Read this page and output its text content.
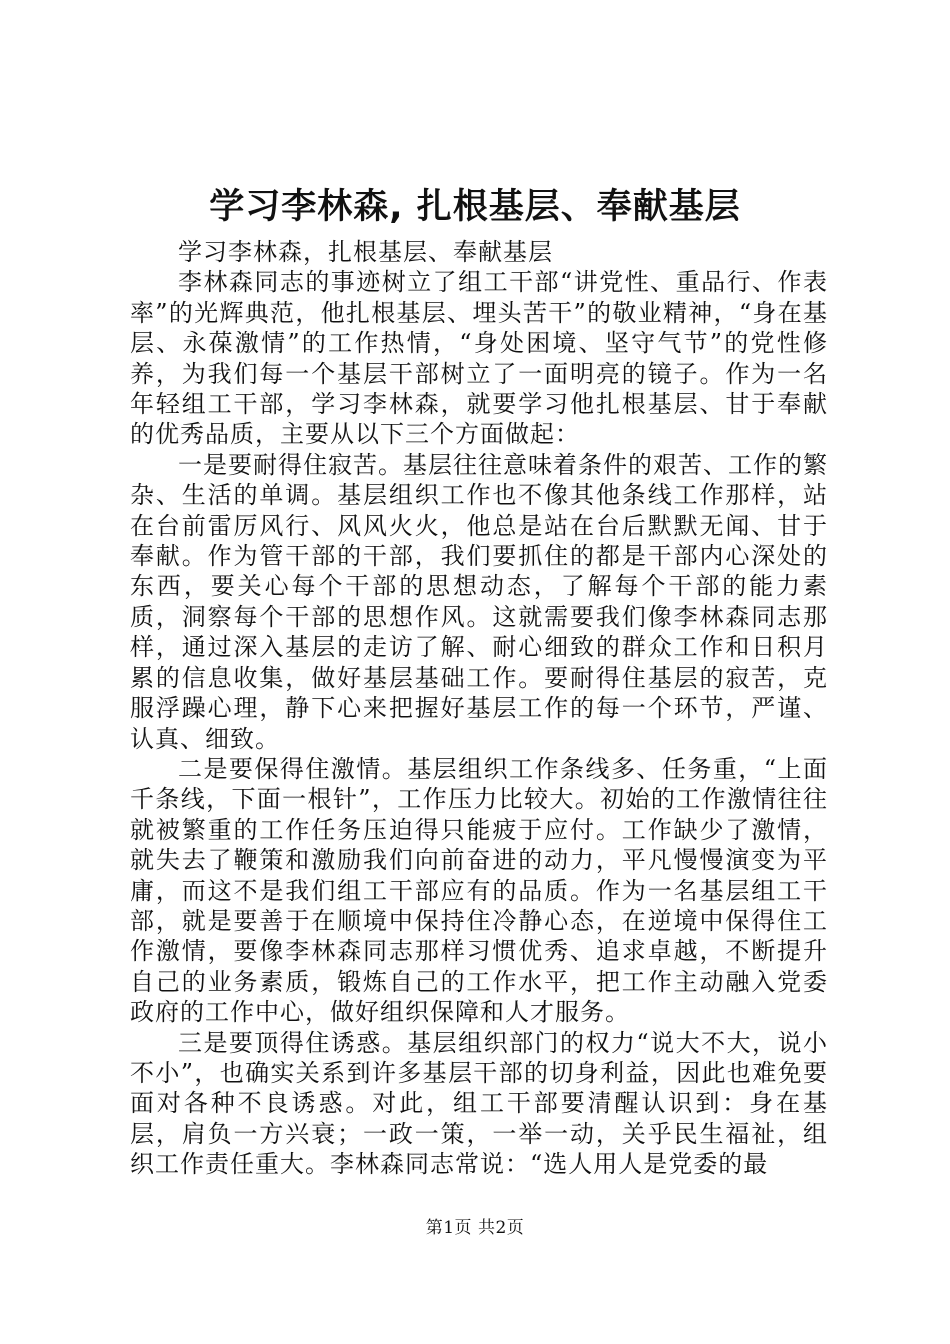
学习李林森, 扎根基层、奉献基层

学习李林森，扎根基层、奉献基层

李林森同志的事迹树立了组工干部“讲党性、重品行、作表率”的光辉典范，他扎根基层、埋头苦干”的敬业精神，“身在基层、永葆激情”的工作热情，“身处困境、坚守气节”的党性修养，为我们每一个基层干部树立了一面明亮的镜子。作为一名年轻组工干部，学习李林森，就要学习他扎根基层、甘于奉献的优秀品质，主要从以下三个方面做起：

一是要耐得住寂苦。基层往往意味着条件的艰苦、工作的繁杂、生活的单调。基层组织工作也不像其他条线工作那样，站在台前雷厉风行、风风火火，他总是站在台后默默无闻、甘于奉献。作为管干部的干部，我们要抓住的都是干部内心深处的东西，要关心每个干部的思想动态，了解每个干部的能力素质，洞察每个干部的思想作风。这就需要我们像李林森同志那样，通过深入基层的走访了解、耐心细致的群众工作和日积月累的信息收集，做好基层基础工作。要耐得住基层的寂苦，克服浮躁心理，静下心来把握好基层工作的每一个环节，严谨、认真、细致。

二是要保得住激情。基层组织工作条线多、任务重，“上面千条线，下面一根针”，工作压力比较大。初始的工作激情往往就被繁重的工作任务压迫得只能疲于应付。工作缺少了激情，就失去了鞭策和激励我们向前奋进的动力，平凡慢慢演变为平庸，而这不是我们组工干部应有的品质。作为一名基层组工干部，就是要善于在顺境中保持住冷静心态，在逆境中保得住工作激情，要像李林森同志那样习惯优秀、追求卓越，不断提升自己的业务素质，锻炼自己的工作水平，把工作主动融入党委政府的工作中心，做好组织保障和人才服务。

三是要顶得住诱惑。基层组织部门的权力“说大不大，说小不小”，也确实关系到许多基层干部的切身利益，因此也难免要面对各种不良诱惑。对此，组工干部要清醒认识到：身在基层，肩负一方兴衰；一政一策，一举一动，关乎民生福祉，组织工作责任重大。李林森同志常说：“选人用人是党委的最

第1页 共2页
